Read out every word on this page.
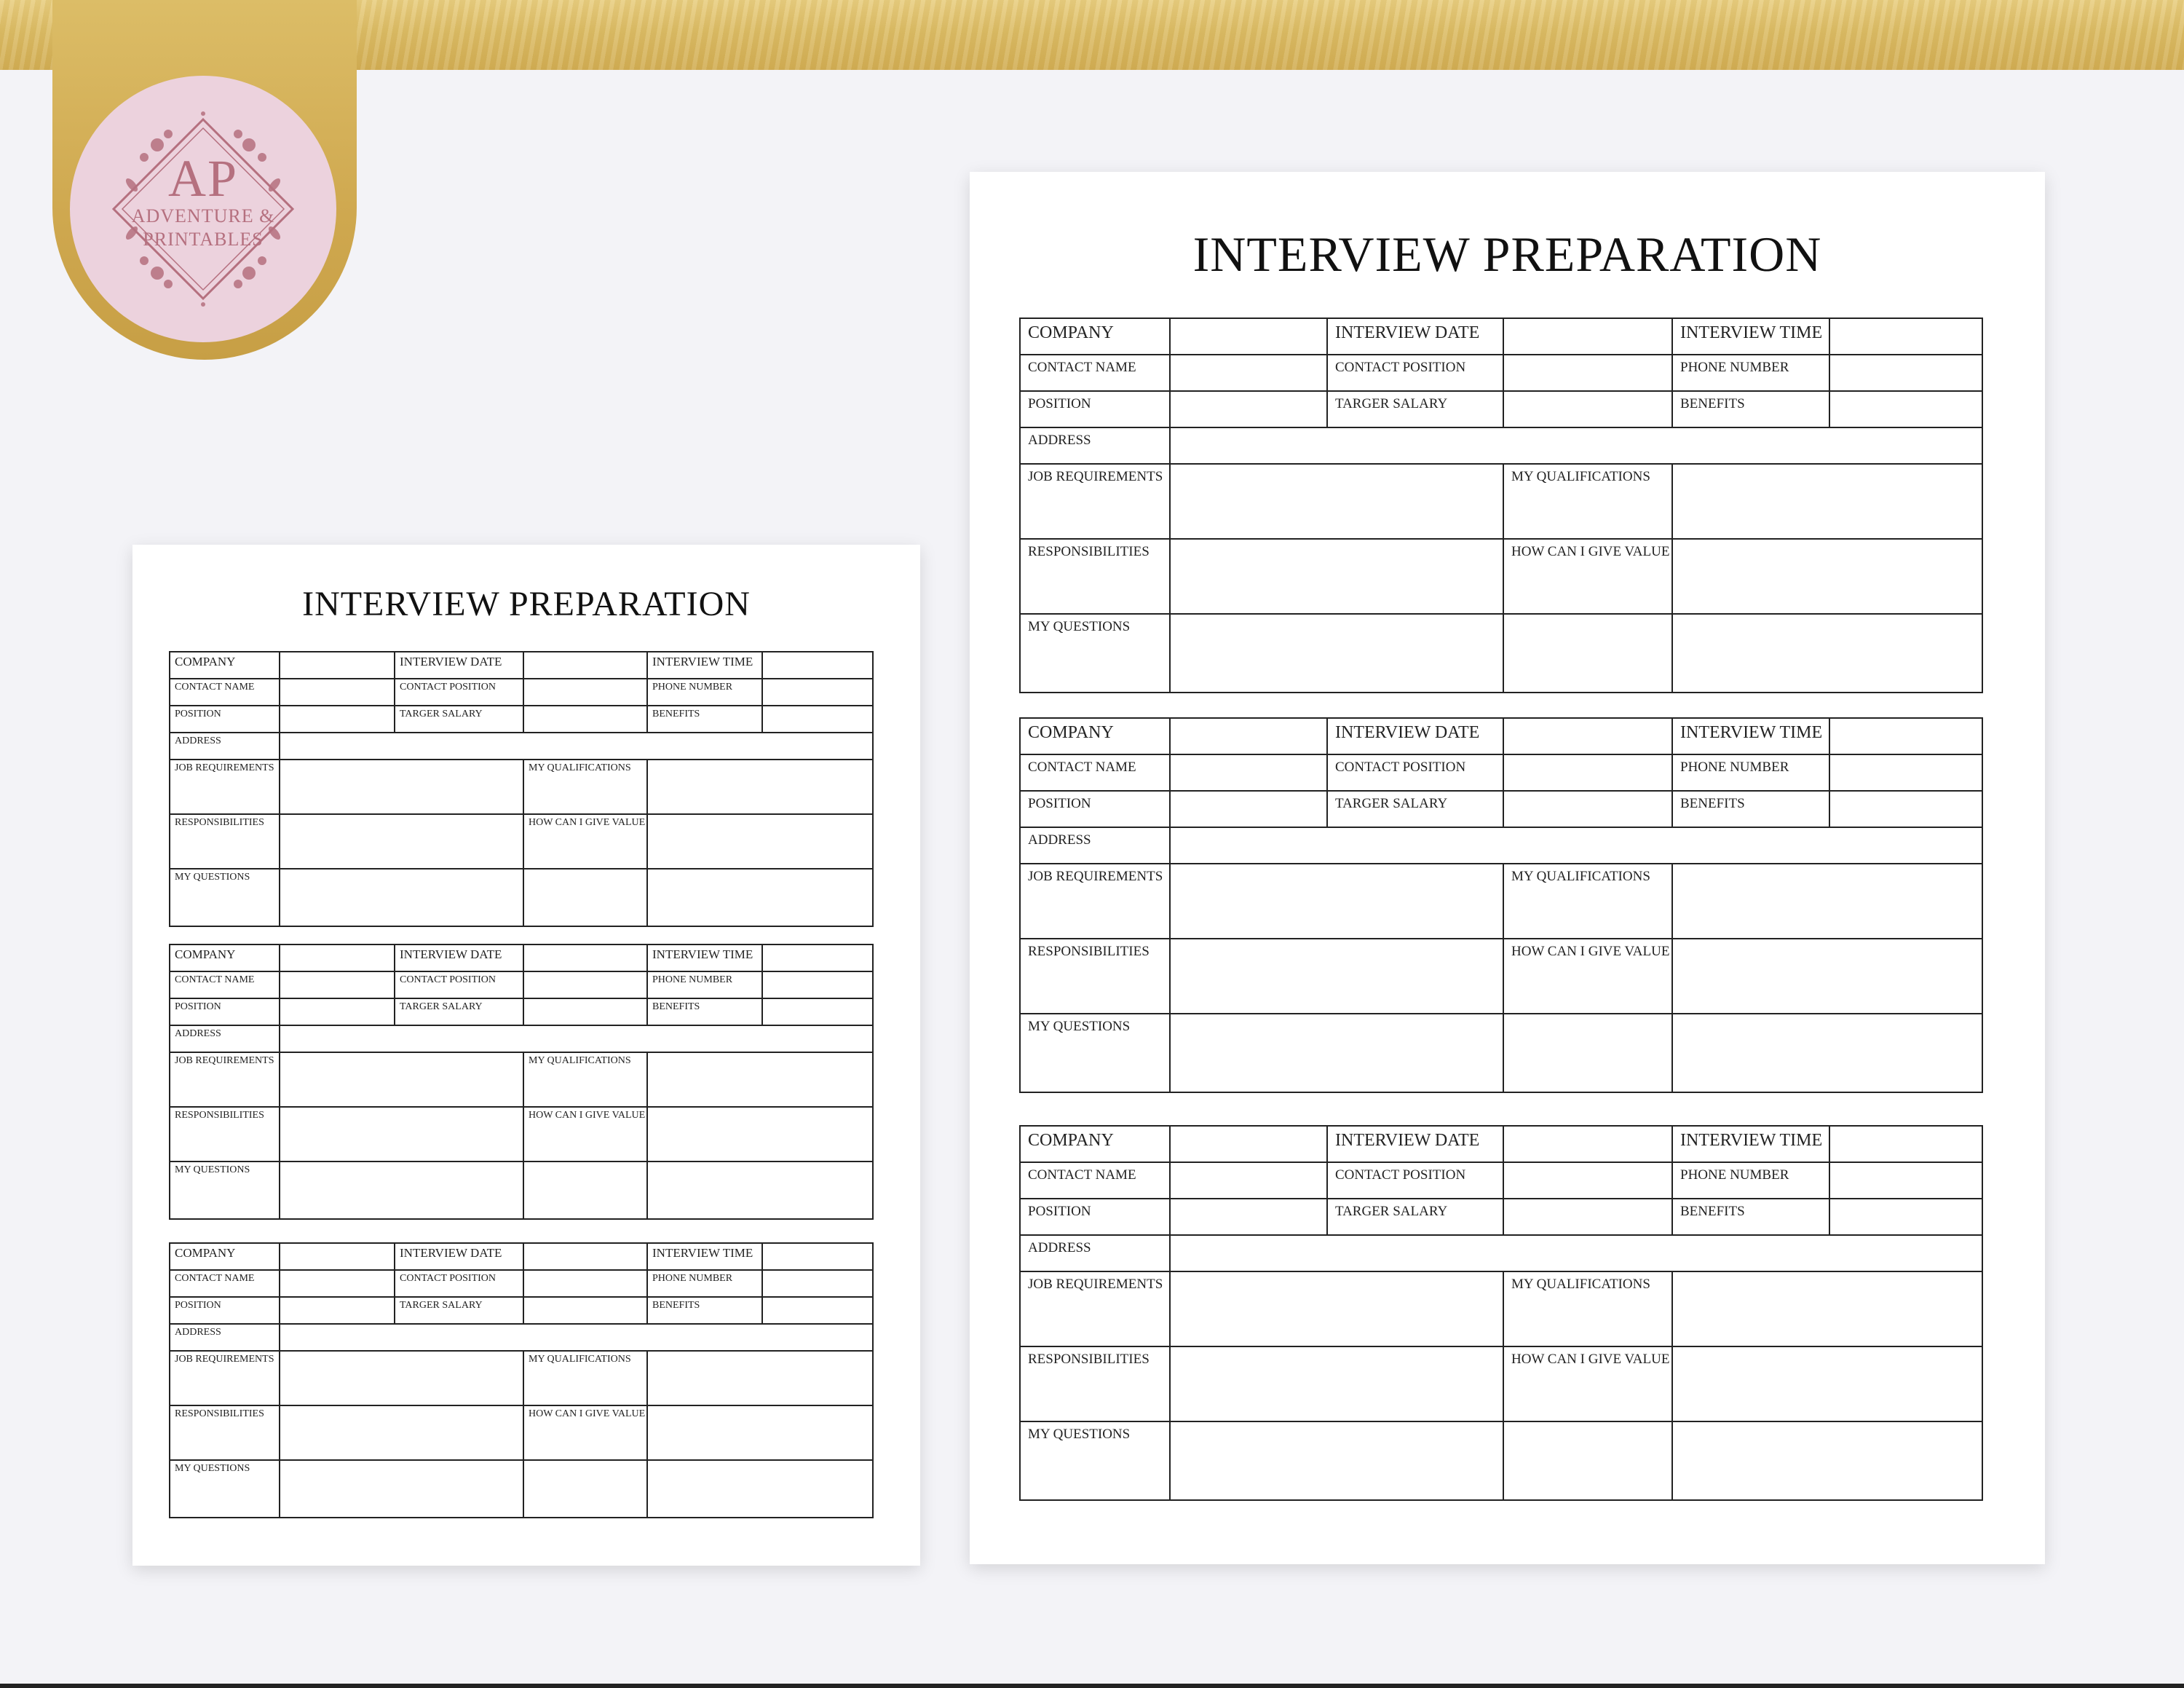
AP
ADVENTURE &
PRINTABLES
INTERVIEW PREPARATION
COMPANY		INTERVIEW DATE		INTERVIEW TIME	
CONTACT NAME		CONTACT POSITION		PHONE NUMBER	
POSITION		TARGER SALARY		BENEFITS	
ADDRESS					
JOB REQUIREMENTS			MY QUALIFICATIONS		
RESPONSIBILITIES			HOW CAN I GIVE VALUE		
MY QUESTIONS					
COMPANY		INTERVIEW DATE		INTERVIEW TIME	
CONTACT NAME		CONTACT POSITION		PHONE NUMBER	
POSITION		TARGER SALARY		BENEFITS	
ADDRESS					
JOB REQUIREMENTS			MY QUALIFICATIONS		
RESPONSIBILITIES			HOW CAN I GIVE VALUE		
MY QUESTIONS					
COMPANY		INTERVIEW DATE		INTERVIEW TIME	
CONTACT NAME		CONTACT POSITION		PHONE NUMBER	
POSITION		TARGER SALARY		BENEFITS	
ADDRESS					
JOB REQUIREMENTS			MY QUALIFICATIONS		
RESPONSIBILITIES			HOW CAN I GIVE VALUE		
MY QUESTIONS					
INTERVIEW PREPARATION
COMPANY		INTERVIEW DATE		INTERVIEW TIME	
CONTACT NAME		CONTACT POSITION		PHONE NUMBER	
POSITION		TARGER SALARY		BENEFITS	
ADDRESS					
JOB REQUIREMENTS			MY QUALIFICATIONS		
RESPONSIBILITIES			HOW CAN I GIVE VALUE		
MY QUESTIONS					
COMPANY		INTERVIEW DATE		INTERVIEW TIME	
CONTACT NAME		CONTACT POSITION		PHONE NUMBER	
POSITION		TARGER SALARY		BENEFITS	
ADDRESS					
JOB REQUIREMENTS			MY QUALIFICATIONS		
RESPONSIBILITIES			HOW CAN I GIVE VALUE		
MY QUESTIONS					
COMPANY		INTERVIEW DATE		INTERVIEW TIME	
CONTACT NAME		CONTACT POSITION		PHONE NUMBER	
POSITION		TARGER SALARY		BENEFITS	
ADDRESS					
JOB REQUIREMENTS			MY QUALIFICATIONS		
RESPONSIBILITIES			HOW CAN I GIVE VALUE		
MY QUESTIONS					
